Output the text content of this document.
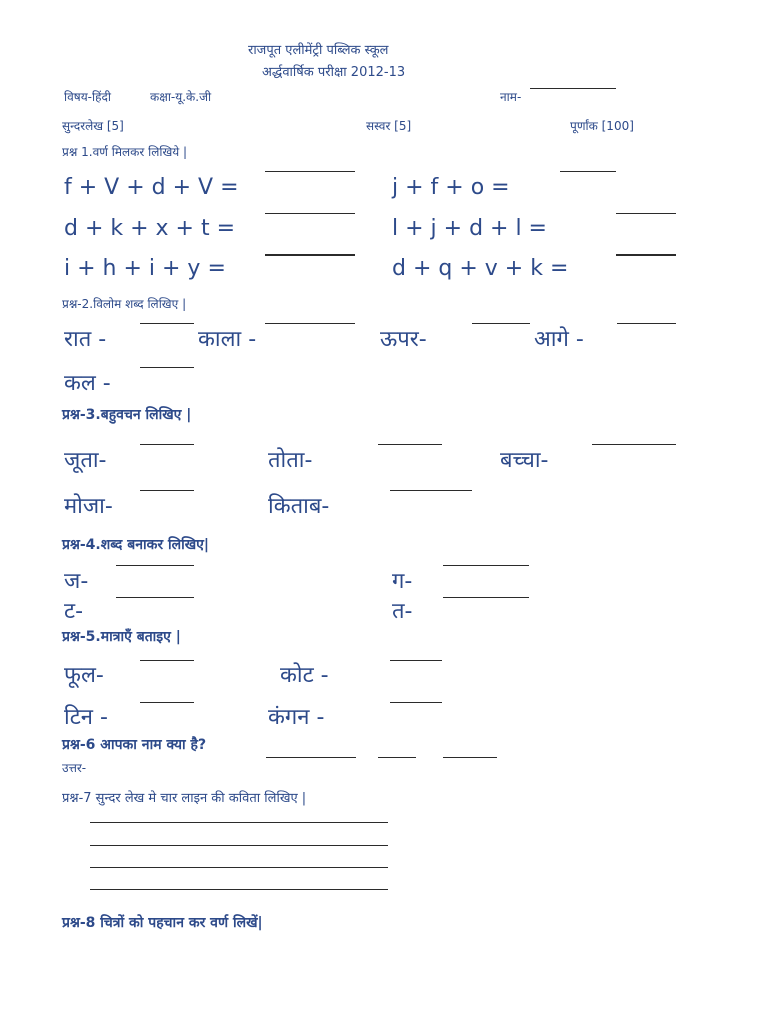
राजपूत एलीमेंट्री पब्लिक स्कूल
अर्द्धवार्षिक परीक्षा 2012-13
विषय-हिंदी	कक्षा-यू.के.जी	नाम-
सुन्दरलेख [5]	सस्वर [5]	पूर्णांक [100]
प्रश्न 1.वर्ण मिलकर लिखिये |
f + V + d + V =	j + f + o =
d + k + x + t =	l + j + d + l =
i + h + i + y =	d + q + v + k =
प्रश्न-2.विलोम शब्द लिखिए |
रात -	काला -	ऊपर-	आगे -
कल -
प्रश्न-3.बहुवचन लिखिए |
जूता-	तोता-	बच्चा-
मोजा-	किताब-
प्रश्न-4.शब्द बनाकर लिखिए|
ज-	ग-
ट-	त-
प्रश्न-5.मात्राएँ बताइए |
फूल-	कोट -
टिन -	कंगन -
प्रश्न-6 आपका नाम क्या है?
उत्तर-
प्रश्न-7 सुन्दर लेख मे चार लाइन की कविता लिखिए |
प्रश्न-8 चित्रों को पहचान कर वर्ण लिखें|
